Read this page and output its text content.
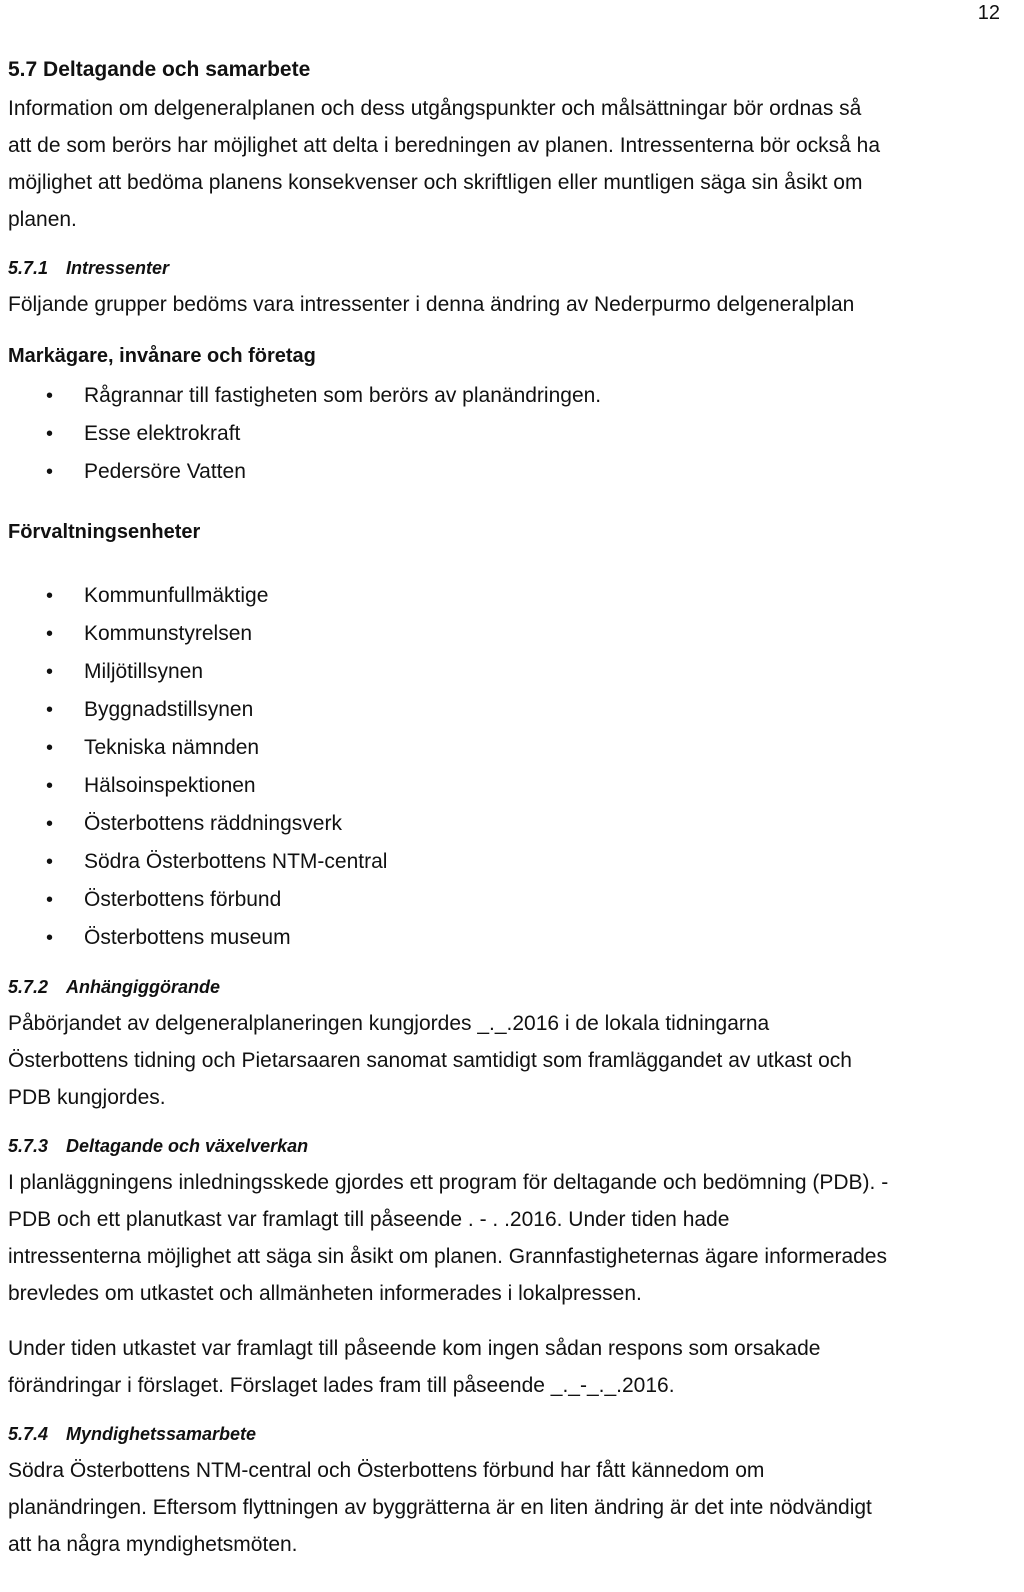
12
5.7 Deltagande och samarbete
Information om delgeneralplanen och dess utgångspunkter och målsättningar bör ordnas så
att de som berörs har möjlighet att delta i beredningen av planen. Intressenterna bör också ha
möjlighet att bedöma planens konsekvenser och skriftligen eller muntligen säga sin åsikt om
planen.
5.7.1 Intressenter
Följande grupper bedöms vara intressenter i denna ändring av Nederpurmo delgeneralplan
Markägare, invånare och företag
• Rågrannar till fastigheten som berörs av planändringen.
• Esse elektrokraft
• Pedersöre Vatten
Förvaltningsenheter
• Kommunfullmäktige
• Kommunstyrelsen
• Miljötillsynen
• Byggnadstillsynen
• Tekniska nämnden
• Hälsoinspektionen
• Österbottens räddningsverk
• Södra Österbottens NTM-central
• Österbottens förbund
• Österbottens museum
5.7.2 Anhängiggörande
Påbörjandet av delgeneralplaneringen kungjordes _._.2016 i de lokala tidningarna
Österbottens tidning och Pietarsaaren sanomat samtidigt som framläggandet av utkast och
PDB kungjordes.
5.7.3 Deltagande och växelverkan
I planläggningens inledningsskede gjordes ett program för deltagande och bedömning (PDB). -
PDB och ett planutkast var framlagt till påseende . - . .2016. Under tiden hade
intressenterna möjlighet att säga sin åsikt om planen. Grannfastigheternas ägare informerades
brevledes om utkastet och allmänheten informerades i lokalpressen.
Under tiden utkastet var framlagt till påseende kom ingen sådan respons som orsakade
förändringar i förslaget. Förslaget lades fram till påseende _._-_._.2016.
5.7.4 Myndighetssamarbete
Södra Österbottens NTM-central och Österbottens förbund har fått kännedom om
planändringen. Eftersom flyttningen av byggrätterna är en liten ändring är det inte nödvändigt
att ha några myndighetsmöten.
